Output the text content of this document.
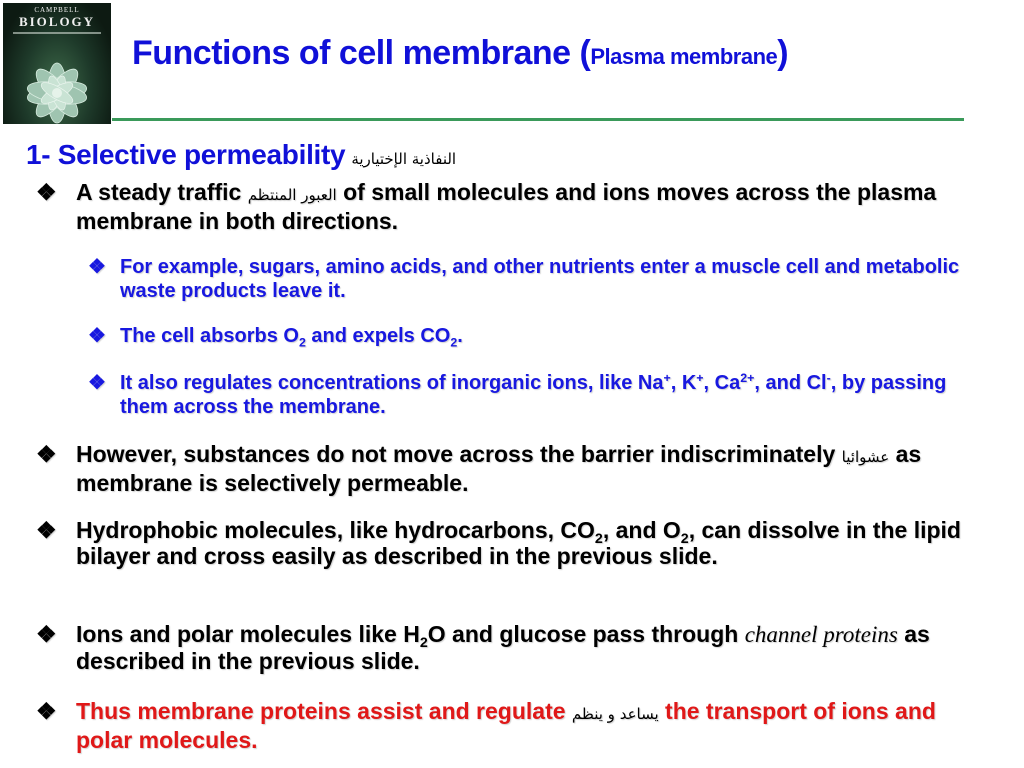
CAMPBELL
BIOLOGY
Functions of cell membrane (Plasma membrane)
1- Selective permeability النفاذية الإختيارية
❖ A steady traffic العبور المنتظم of small molecules and ions moves across the plasma membrane in both directions.
❖ For example, sugars, amino acids, and other nutrients enter a muscle cell and metabolic waste products leave it.
❖ The cell absorbs $O_2$ and expels $CO_2$.
❖ It also regulates concentrations of inorganic ions, like Na+, K+, $Ca^{2+}$, and Cl-, by passing them across the membrane.
❖ However, substances do not move across the barrier indiscriminately عشوائيا as membrane is selectively permeable.
❖ Hydrophobic molecules, like hydrocarbons, $CO_2$, and $O_2$, can dissolve in the lipid bilayer and cross easily as described in the previous slide.
❖ Ions and polar molecules like $H_2O$ and glucose pass through channel proteins as described in the previous slide.
❖ Thus membrane proteins assist and regulate يساعد و ينظم the transport of ions and polar molecules.
